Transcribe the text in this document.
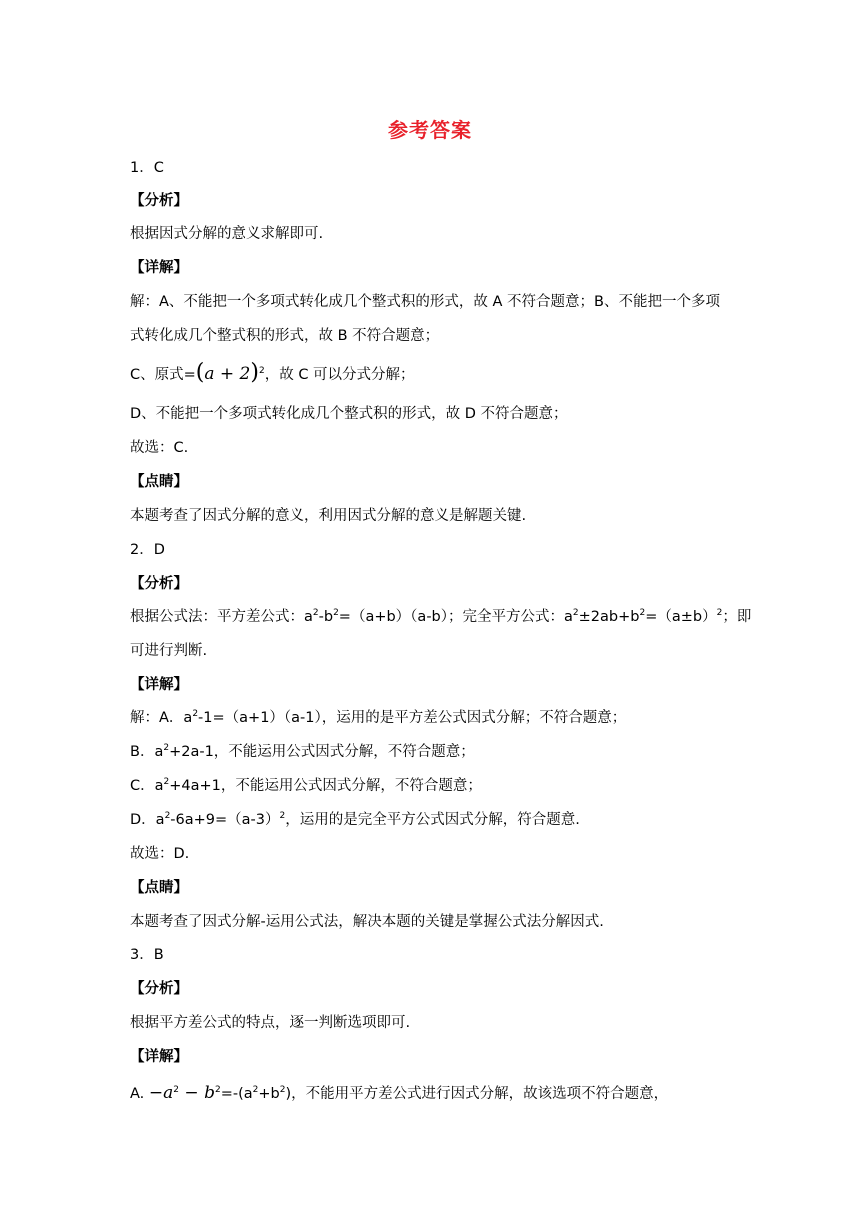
参考答案
1．C
【分析】
根据因式分解的意义求解即可.
【详解】
解：A、不能把一个多项式转化成几个整式积的形式，故 A 不符合题意；B、不能把一个多项
式转化成几个整式积的形式，故 B 不符合题意；
C、原式$=(a + 2)^2$，故 C 可以分式分解；
D、不能把一个多项式转化成几个整式积的形式，故 D 不符合题意；
故选：C.
【点睛】
本题考查了因式分解的意义，利用因式分解的意义是解题关键.
2．D
【分析】
根据公式法：平方差公式：$a^2-b^2=(a+b)(a-b)$；完全平方公式：$a^2\pm 2ab+b^2=(a\pm b)^2$；即
可进行判断.
【详解】
解：A．$a^2-1=(a+1)(a-1)$，运用的是平方差公式因式分解；不符合题意；
B．$a^2+2a-1$，不能运用公式因式分解，不符合题意；
C．$a^2+4a+1$，不能运用公式因式分解，不符合题意；
D．$a^2-6a+9=(a-3)^2$，运用的是完全平方公式因式分解，符合题意.
故选：D.
【点睛】
本题考查了因式分解-运用公式法，解决本题的关键是掌握公式法分解因式.
3．B
【分析】
根据平方差公式的特点，逐一判断选项即可.
【详解】
A. $-a^2 - b^2=-(a^2+b^2)$，不能用平方差公式进行因式分解，故该选项不符合题意，
